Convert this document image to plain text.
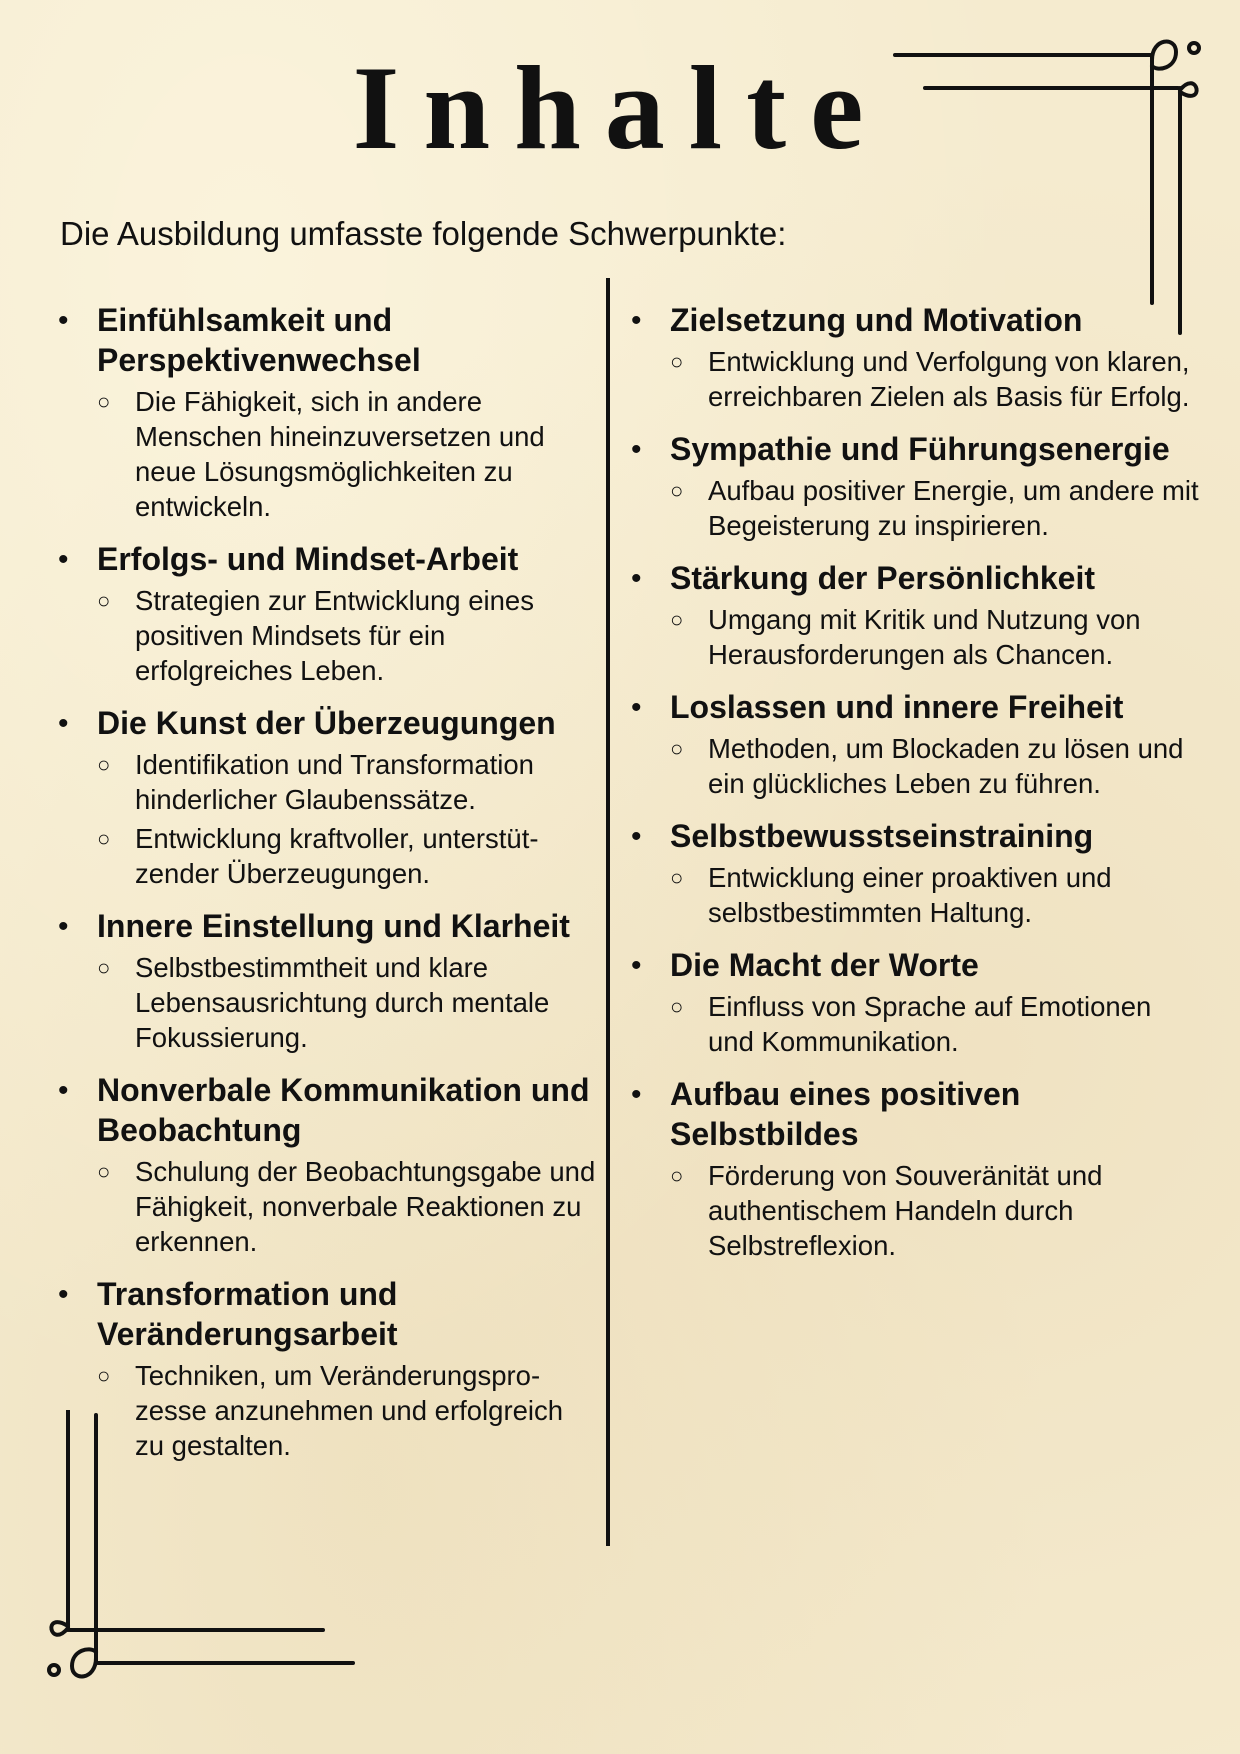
Inhalte

Die Ausbildung umfasste folgende Schwerpunkte:

• Einfühlsamkeit und Perspektivenwechsel
○ Die Fähigkeit, sich in andere Menschen hineinzuversetzen und neue Lösungsmöglichkeiten zu entwickeln.
• Erfolgs- und Mindset-Arbeit
○ Strategien zur Entwicklung eines positiven Mindsets für ein erfolgreiches Leben.
• Die Kunst der Überzeugungen
○ Identifikation und Transformation hinderlicher Glaubenssätze.
○ Entwicklung kraftvoller, unterstützender Überzeugungen.
• Innere Einstellung und Klarheit
○ Selbstbestimmtheit und klare Lebensausrichtung durch mentale Fokussierung.
• Nonverbale Kommunikation und Beobachtung
○ Schulung der Beobachtungsgabe und Fähigkeit, nonverbale Reaktionen zu erkennen.
• Transformation und Veränderungsarbeit
○ Techniken, um Veränderungsprozesse anzunehmen und erfolgreich zu gestalten.
• Zielsetzung und Motivation
○ Entwicklung und Verfolgung von klaren, erreichbaren Zielen als Basis für Erfolg.
• Sympathie und Führungsenergie
○ Aufbau positiver Energie, um andere mit Begeisterung zu inspirieren.
• Stärkung der Persönlichkeit
○ Umgang mit Kritik und Nutzung von Herausforderungen als Chancen.
• Loslassen und innere Freiheit
○ Methoden, um Blockaden zu lösen und ein glückliches Leben zu führen.
• Selbstbewusstseinstraining
○ Entwicklung einer proaktiven und selbstbestimmten Haltung.
• Die Macht der Worte
○ Einfluss von Sprache auf Emotionen und Kommunikation.
• Aufbau eines positiven Selbstbildes
○ Förderung von Souveränität und authentischem Handeln durch Selbstreflexion.
